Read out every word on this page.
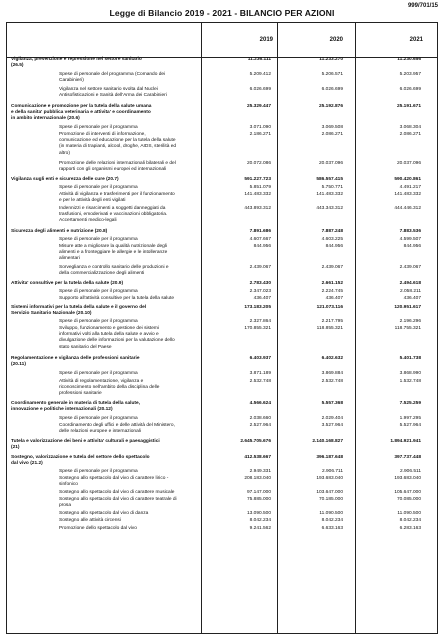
999/701/15
Legge di Bilancio 2019 - 2021 - BILANCIO PER AZIONI
2019	2020	2021
Vigilanza, prevenzione e repressione nel settore sanitario
(26.5)
11.236.111	11.233.270	11.230.656
Spese di personale del programma (Comando dei
Carabinieri)
5.209.412	5.206.571	5.203.957
Vigilanza nel settore sanitario svolta dal Nuclei
Antisofisticazioni e Sanità dell'Arma dei Carabinieri
6.026.699	6.026.699	6.026.699
Comunicazione e promozione per la tutela della salute umana
e della sanita' pubblica veterinaria e attivita' e coordinamento
in ambito internazionale (20.6)
25.329.447	25.192.876	25.191.671
Spese di personale per il programma	3.071.090	3.069.508	3.068.304
Promozione di interventi di informazione,
comunicazione ed educazione per la tutela della salute
(in materia di trapianti, alcool, droghe, AIDS, sterilità ed
altro)
2.186.271	2.086.271	2.086.271
Promozione delle relazioni internazionali bilaterali e del
rapporti con gli organismi europei ed internazionali
20.072.086	20.037.096	20.037.096
Vigilanza sugli enti e sicurezza delle cure (20.7)	591.227.723	586.557.415	590.420.861
Spese di personale per il programma	5.851.079	5.750.771	4.491.217
Attività di vigilanza e trasferimenti per il funzionamento
e per le attività degli enti vigilati
141.483.332	141.483.332	141.483.332
Indennizzi e risarcimenti a soggetti danneggiati da
trasfusioni, emoderivati e vaccinazioni obbligatoria.
Accertamenti medico-legali
443.893.312	443.343.312	444.446.312
Sicurezza degli alimenti e nutrizione (20.8)	7.891.686	7.887.248	7.883.536
Spese di personale per il programma	4.607.667	4.603.225	4.599.507
Misure atte a migliorare la qualità nutrizionale degli
alimenti e a fronteggiare le allergie e le intolleranze
alimentari
844.956	844.956	844.956
Sorveglianza e controllo sanitario delle produzioni e
della commercializzazione degli alimenti
2.439.067	2.439.067	2.439.067
Attivita' consultive per la tutela della salute (20.9)	2.783.430	2.661.152	2.494.618
Spese di personale per il programma	2.347.023	2.224.745	2.058.211
Supporto all'attività consultive per la tutela della salute	436.407	436.407	436.407
Sistemi informativi per la tutela della salute e il governo del
Servizio Sanitario Nazionale (20.10)
173.183.205	121.073.116	120.951.617
Spese di personale per il programma	2.327.864	2.217.795	2.196.296
Sviluppo, funzionamento e gestione dei sistemi
informativi volti alla tutela della salute e avvio e
divulgazione delle informazioni per la valutazione dello
stato sanitario del Paese
170.855.321	118.855.321	118.755.321
Regolamentazione e vigilanza delle professioni sanitarie
(20.11)
6.403.937	6.402.632	5.401.738
Spese di personale per il programma	3.871.189	3.869.884	3.868.990
Attività di regolamentazione, vigilanza e
riconoscimento nell'ambito della disciplina delle
professioni sanitarie
2.532.748	2.532.748	1.532.748
Coordinamento generale in materia di tutela della salute,
innovazione e politiche internazionali (20.12)
4.566.624	5.557.368	7.525.259
Spese di personale per il programma	2.038.660	2.029.404	1.997.295
Coordinamento degli uffici e delle attività del Ministero,
delle relazioni europee e internazionali
2.527.964	3.527.964	5.527.964
Tutela e valorizzazione dei beni e attivita' culturali e paesaggistici
(21)
2.645.705.676	2.140.168.827	1.894.921.941
Sostegno, valorizzazione e tutela del settore dello spettacolo
dal vivo (21.2)
412.538.667	396.187.648	397.737.448
Spese di personale per il programma	2.949.331	2.906.711	2.906.511
Sostegno allo spettacolo dal vivo di carattere lirico -
sinfonico
208.183.040	193.683.040	193.683.040
Sostegno allo spettacolo dal vivo di carattere musicale	97.147.000	103.647.000	105.647.000
Sostegno allo spettacolo dal vivo di carattere teatrale di
prosa
75.885.000	70.185.000	70.085.000
Sostegno allo spettacolo dal vivo di danza	13.090.500	11.090.500	11.090.500
Sostegno alle attività circensi	8.042.234	8.042.234	8.042.234
Promozione dello spettacolo dal vivo	9.241.562	6.633.163	6.283.163
